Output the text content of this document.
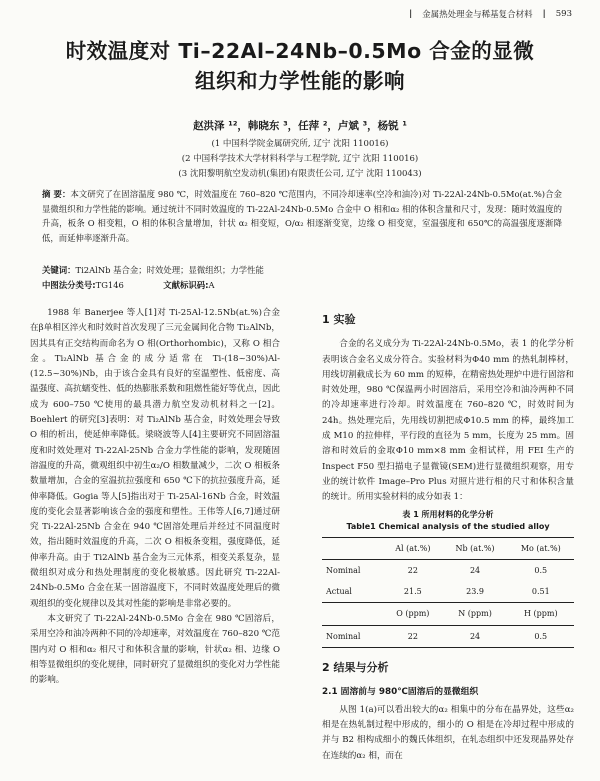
| 金属热处理金与稀基复合材料 | 593
时效温度对 Ti–22Al–24Nb–0.5Mo 合金的显微
组织和力学性能的影响
赵洪泽 ¹²，韩晓东 ³，任萍 ²，卢斌 ³，杨锐 ¹
(1 中国科学院金属研究所, 辽宁 沈阳 110016)
(2 中国科学技术大学材料科学与工程学院, 辽宁 沈阳 110016)
(3 沈阳黎明航空发动机(集团)有限责任公司, 辽宁 沈阳 110043)
摘 要：本文研究了在固溶温度 980 ℃，时效温度在 760–820 ℃范围内，不同冷却速率(空冷和油冷)对 Ti-22Al-24Nb-0.5Mo(at.%)合金显微组织和力学性能的影响。通过统计不同时效温度的 Ti-22Al-24Nb-0.5Mo 合金中 O 相和α₂ 相的体积含量和尺寸，发现：随时效温度的升高，板条 O 相变粗，O 相的体积含量增加，针状 α₂ 相变短，O/α₂ 相逐渐变宽，边缘 O 相变宽，室温强度和 650℃的高温强度逐渐降低，而延伸率逐渐升高。
关键词：Ti2AlNb 基合金；时效处理；显微组织；力学性能
中图法分类号:TG146	文献标识码:A

1988 年 Banerjee 等人[1]对 Ti-25Al-12.5Nb(at.%)合金在β单相区淬火和时效时首次发现了三元金属间化合物 Ti₂AlNb，因其具有正交结构而命名为 O 相(Orthorhombic)，又称 O 相合金。Ti₂AlNb 基合金的成分适常在 Ti-(18~30%)Al-(12.5~30%)Nb，由于该合金具有良好的室温塑性、低密度、高温强度、高抗蠕变性、低的热膨胀系数和阻燃性能好等优点，因此成为 600–750 ℃使用的最具潜力航空发动机材料之一[2]。Boehlert 的研究[3]表明：对 Ti₂AlNb 基合金，时效处理会导致 O 相的析出，使延伸率降低。梁晓波等人[4]主要研究不同固溶温度和时效处理对 Ti-22Al-25Nb 合金力学性能的影响，发现随固溶温度的升高，微观组织中初生α₂/O 相数量减少，二次 O 相板条数量增加，合金的室温抗拉强度和 650 ℃下的抗拉强度升高，延伸率降低。Gogia 等人[5]指出对于 Ti-25Al-16Nb 合金，时效温度的变化会显著影响该合金的强度和塑性。王伟等人[6,7]通过研究 Ti-22Al-25Nb 合金在 940 ℃固溶处理后并经过不同温度时效，指出随时效温度的升高，二次 O 相板条变粗，强度降低，延伸率升高。由于 Ti2AlNb 基合金为三元体系，相变关系复杂，显微组织对成分和热处理制度的变化极敏感。因此研究 Ti-22Al-24Nb-0.5Mo 合金在某一固溶温度下，不同时效温度处理后的微观组织的变化规律以及其对性能的影响是非常必要的。

本文研究了 Ti-22Al-24Nb-0.5Mo 合金在 980 ℃固溶后，采用空冷和油冷两种不同的冷却速率，对效温度在 760–820 ℃范围内对 O 相和α₂ 相尺寸和体积含量的影响，针状α₂ 相、边缘 O 相等显微组织的变化规律，同时研究了显微组织的变化对力学性能的影响。

1 实验

合金的名义成分为 Ti-22Al-24Nb-0.5Mo，表 1 的化学分析表明该合金名义成分符合。实验材料为Φ40 mm 的热轧制棒材，用线切割截成长为 60 mm 的短棒，在精密热处理炉中进行固溶和时效处理，980 ℃保温两小时固溶后，采用空冷和油冷两种不同的冷却速率进行冷却。时效温度在 760–820 ℃，时效时间为 24h。热处理完后，先用线切割把成Φ10.5 mm 的棒，最终加工成 M10 的拉伸样，平行段的直径为 5 mm，长度为 25 mm。固溶和时效后的金取Φ10 mm×8 mm 金相试样，用 FEI 生产的 Inspect F50 型扫描电子显微镜(SEM)进行显微组织观察，用专业的统计软件 Image–Pro Plus 对照片进行相的尺寸和体积含量的统计。所用实验材料的成分如表 1：

表 1 所用材料的化学分析
Table1 Chemical analysis of the studied alloy
	Al (at.%)	Nb (at.%)	Mo (at.%)
Nominal	22	24	0.5
Actual	21.5	23.9	0.51
	O (ppm)	N (ppm)	H (ppm)
Nominal	22	24	0.5
2 结果与分析
2.1 固溶前与 980℃固溶后的显微组织

从图 1(a)可以看出较大的α₂ 相集中的分布在晶界处，这些α₂ 相是在热轧制过程中形成的，细小的 O 相是在冷却过程中形成的并与 B2 相构成细小的魏氏体组织，在轧态组织中还发现晶界处存在连续的α₂ 相，而在
